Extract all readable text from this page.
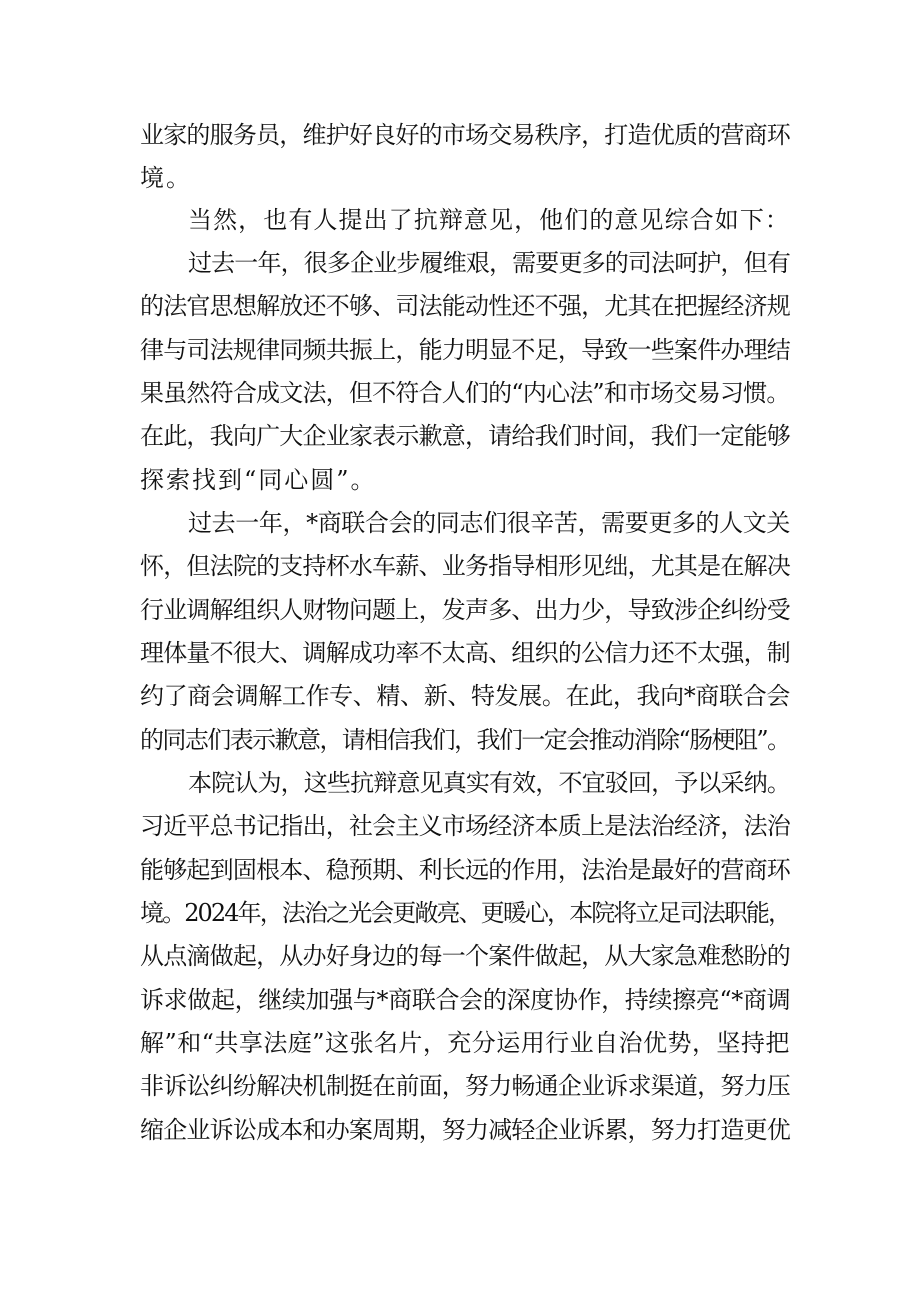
业家的服务员，维护好良好的市场交易秩序，打造优质的营商环
境。
当然，也有人提出了抗辩意见，他们的意见综合如下：
过去一年，很多企业步履维艰，需要更多的司法呵护，但有
的法官思想解放还不够、司法能动性还不强，尤其在把握经济规
律与司法规律同频共振上，能力明显不足，导致一些案件办理结
果虽然符合成文法，但不符合人们的“内心法”和市场交易习惯。
在此，我向广大企业家表示歉意，请给我们时间，我们一定能够
探索找到“同心圆”。
过去一年，*商联合会的同志们很辛苦，需要更多的人文关
怀，但法院的支持杯水车薪、业务指导相形见绌，尤其是在解决
行业调解组织人财物问题上，发声多、出力少，导致涉企纠纷受
理体量不很大、调解成功率不太高、组织的公信力还不太强，制
约了商会调解工作专、精、新、特发展。在此，我向*商联合会
的同志们表示歉意，请相信我们，我们一定会推动消除“肠梗阻”。
本院认为，这些抗辩意见真实有效，不宜驳回，予以采纳。
习近平总书记指出，社会主义市场经济本质上是法治经济，法治
能够起到固根本、稳预期、利长远的作用，法治是最好的营商环
境。2024年，法治之光会更敞亮、更暖心，本院将立足司法职能，
从点滴做起，从办好身边的每一个案件做起，从大家急难愁盼的
诉求做起，继续加强与*商联合会的深度协作，持续擦亮“*商调
解”和“共享法庭”这张名片，充分运用行业自治优势，坚持把
非诉讼纠纷解决机制挺在前面，努力畅通企业诉求渠道，努力压
缩企业诉讼成本和办案周期，努力减轻企业诉累，努力打造更优
